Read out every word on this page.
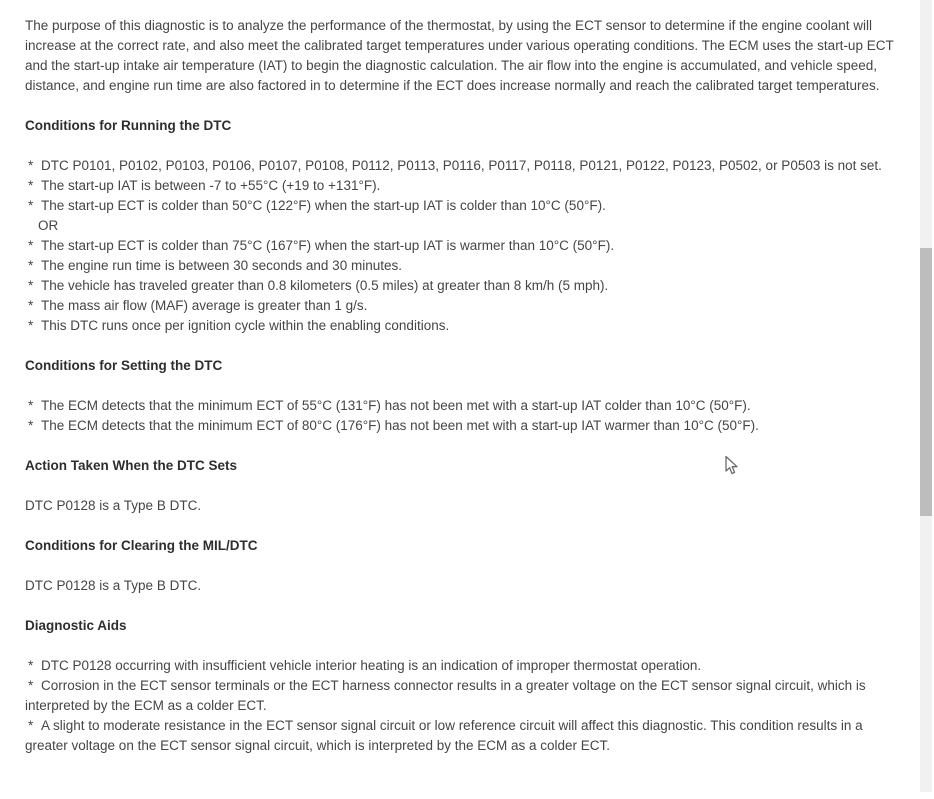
The purpose of this diagnostic is to analyze the performance of the thermostat, by using the ECT sensor to determine if the engine coolant will increase at the correct rate, and also meet the calibrated target temperatures under various operating conditions. The ECM uses the start-up ECT and the start-up intake air temperature (IAT) to begin the diagnostic calculation. The air flow into the engine is accumulated, and vehicle speed, distance, and engine run time are also factored in to determine if the ECT does increase normally and reach the calibrated target temperatures.

Conditions for Running the DTC
* DTC P0101, P0102, P0103, P0106, P0107, P0108, P0112, P0113, P0116, P0117, P0118, P0121, P0122, P0123, P0502, or P0503 is not set.
* The start-up IAT is between -7 to +55°C (+19 to +131°F).
* The start-up ECT is colder than 50°C (122°F) when the start-up IAT is colder than 10°C (50°F).
OR
* The start-up ECT is colder than 75°C (167°F) when the start-up IAT is warmer than 10°C (50°F).
* The engine run time is between 30 seconds and 30 minutes.
* The vehicle has traveled greater than 0.8 kilometers (0.5 miles) at greater than 8 km/h (5 mph).
* The mass air flow (MAF) average is greater than 1 g/s.
* This DTC runs once per ignition cycle within the enabling conditions.
Conditions for Setting the DTC
* The ECM detects that the minimum ECT of 55°C (131°F) has not been met with a start-up IAT colder than 10°C (50°F).
* The ECM detects that the minimum ECT of 80°C (176°F) has not been met with a start-up IAT warmer than 10°C (50°F).
Action Taken When the DTC Sets

DTC P0128 is a Type B DTC.

Conditions for Clearing the MIL/DTC

DTC P0128 is a Type B DTC.

Diagnostic Aids
* DTC P0128 occurring with insufficient vehicle interior heating is an indication of improper thermostat operation.
* Corrosion in the ECT sensor terminals or the ECT harness connector results in a greater voltage on the ECT sensor signal circuit, which is interpreted by the ECM as a colder ECT.
* A slight to moderate resistance in the ECT sensor signal circuit or low reference circuit will affect this diagnostic. This condition results in a greater voltage on the ECT sensor signal circuit, which is interpreted by the ECM as a colder ECT.
